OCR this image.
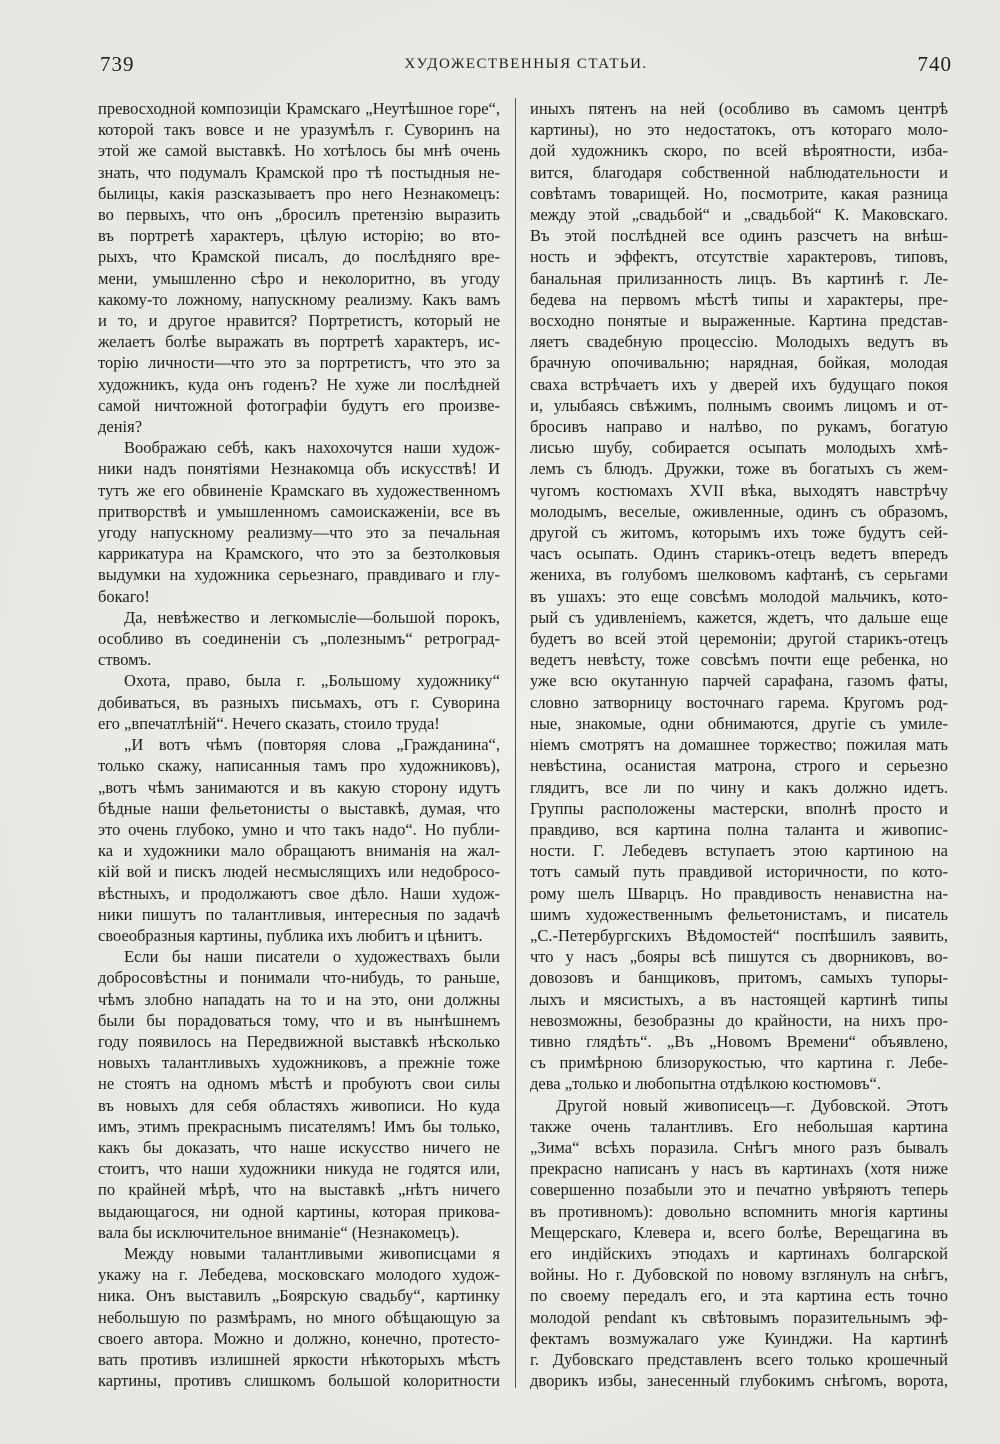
739	ХУДОЖЕСТВЕННЫЯ СТАТЬИ.	740
превосходной композиціи Крамскаго „Неутѣшное горе“,
которой такъ вовсе и не уразумѣлъ г. Суворинъ на
этой же самой выставкѣ. Но хотѣлось бы мнѣ очень
знать, что подумалъ Крамской про тѣ постыдныя не-
былицы, какія разсказываетъ про него Незнакомецъ:
во первыхъ, что онъ „бросилъ претензію выразить
въ портретѣ характеръ, цѣлую исторію; во вто-
рыхъ, что Крамской писалъ, до послѣдняго вре-
мени, умышленно сѣро и неколоритно, въ угоду
какому-то ложному, напускному реализму. Какъ вамъ
и то, и другое нравится? Портретистъ, который не
желаетъ болѣе выражать въ портретѣ характеръ, ис-
торію личности—что это за портретистъ, что это за
художникъ, куда онъ годенъ? Не хуже ли послѣдней
самой ничтожной фотографіи будутъ его произве-
денія?
Воображаю себѣ, какъ нахохочутся наши худож-
ники надъ понятіями Незнакомца объ искусствѣ! И
тутъ же его обвиненіе Крамскаго въ художественномъ
притворствѣ и умышленномъ самоискаженіи, все въ
угоду напускному реализму—что это за печальная
каррикатура на Крамского, что это за безтолковыя
выдумки на художника серьезнаго, правдиваго и глу-
бокаго!
Да, невѣжество и легкомысліе—большой порокъ,
особливо въ соединеніи съ „полезнымъ“ ретроград-
ствомъ.
Охота, право, была г. „Большому художнику“
добиваться, въ разныхъ письмахъ, отъ г. Суворина
его „впечатлѣній“. Нечего сказать, стоило труда!
„И вотъ чѣмъ (повторяя слова „Гражданина“,
только скажу, написанныя тамъ про художниковъ),
„вотъ чѣмъ занимаются и въ какую сторону идутъ
бѣдные наши фельетонисты о выставкѣ, думая, что
это очень глубоко, умно и что такъ надо“. Но публи-
ка и художники мало обращаютъ вниманія на жал-
кій вой и пискъ людей несмыслящихъ или недобросо-
вѣстныхъ, и продолжаютъ свое дѣло. Наши худож-
ники пишутъ по талантливыя, интересныя по задачѣ
своеобразныя картины, публика ихъ любитъ и цѣнитъ.
Если бы наши писатели о художествахъ были
добросовѣстны и понимали что-нибудь, то раньше,
чѣмъ злобно нападать на то и на это, они должны
были бы порадоваться тому, что и въ нынѣшнемъ
году появилось на Передвижной выставкѣ нѣсколько
новыхъ талантливыхъ художниковъ, а прежніе тоже
не стоятъ на одномъ мѣстѣ и пробуютъ свои силы
въ новыхъ для себя областяхъ живописи. Но куда
имъ, этимъ прекраснымъ писателямъ! Имъ бы только,
какъ бы доказать, что наше искусство ничего не
стоитъ, что наши художники никуда не годятся или,
по крайней мѣрѣ, что на выставкѣ „нѣтъ ничего
выдающагося, ни одной картины, которая прикова-
вала бы исключительное вниманіе“ (Незнакомецъ).
Между новыми талантливыми живописцами я
укажу на г. Лебедева, московскаго молодого худож-
ника. Онъ выставилъ „Боярскую свадьбу“, картинку
небольшую по размѣрамъ, но много обѣщающую за
своего автора. Можно и должно, конечно, протесто-
вать противъ излишней яркости нѣкоторыхъ мѣстъ
картины, противъ слишкомъ большой колоритности
иныхъ пятенъ на ней (особливо въ самомъ центрѣ
картины), но это недостатокъ, отъ котораго моло-
дой художникъ скоро, по всей вѣроятности, изба-
вится, благодаря собственной наблюдательности и
совѣтамъ товарищей. Но, посмотрите, какая разница
между этой „свадьбой“ и „свадьбой“ К. Маковскаго.
Въ этой послѣдней все одинъ разсчетъ на внѣш-
ность и эффектъ, отсутствіе характеровъ, типовъ,
банальная прилизанность лицъ. Въ картинѣ г. Ле-
бедева на первомъ мѣстѣ типы и характеры, пре-
восходно понятые и выраженные. Картина представ-
ляетъ свадебную процессію. Молодыхъ ведутъ въ
брачную опочивальню; нарядная, бойкая, молодая
сваха встрѣчаетъ ихъ у дверей ихъ будущаго покоя
и, улыбаясь свѣжимъ, полнымъ своимъ лицомъ и от-
бросивъ направо и налѣво, по рукамъ, богатую
лисью шубу, собирается осыпать молодыхъ хмѣ-
лемъ съ блюдъ. Дружки, тоже въ богатыхъ съ жем-
чугомъ костюмахъ XVII вѣка, выходятъ навстрѣчу
молодымъ, веселые, оживленные, одинъ съ образомъ,
другой съ житомъ, которымъ ихъ тоже будутъ сей-
часъ осыпать. Одинъ старикъ-отецъ ведетъ впередъ
жениха, въ голубомъ шелковомъ кафтанѣ, съ серьгами
въ ушахъ: это еще совсѣмъ молодой мальчикъ, кото-
рый съ удивленіемъ, кажется, ждетъ, что дальше еще
будетъ во всей этой церемоніи; другой старикъ-отецъ
ведетъ невѣсту, тоже совсѣмъ почти еще ребенка, но
уже всю окутанную парчей сарафана, газомъ фаты,
словно затворницу восточнаго гарема. Кругомъ род-
ные, знакомые, одни обнимаются, другіе съ умиле-
ніемъ смотрятъ на домашнее торжество; пожилая мать
невѣстина, осанистая матрона, строго и серьезно
глядитъ, все ли по чину и какъ должно идетъ.
Группы расположены мастерски, вполнѣ просто и
правдиво, вся картина полна таланта и живопис-
ности. Г. Лебедевъ вступаетъ этою картиною на
тотъ самый путь правдивой историчности, по кото-
рому шелъ Шварцъ. Но правдивость ненавистна на-
шимъ художественнымъ фельетонистамъ, и писатель
„С.-Петербургскихъ Вѣдомостей“ поспѣшилъ заявить,
что у насъ „бояры всѣ пишутся съ дворниковъ, во-
довозовъ и банщиковъ, притомъ, самыхъ тупоры-
лыхъ и мясистыхъ, а въ настоящей картинѣ типы
невозможны, безобразны до крайности, на нихъ про-
тивно глядѣть“. „Въ „Новомъ Времени“ объявлено,
съ примѣрною близорукостью, что картина г. Лебе-
дева „только и любопытна отдѣлкою костюмовъ“.
Другой новый живописецъ—г. Дубовской. Этотъ
также очень талантливъ. Его небольшая картина
„Зима“ всѣхъ поразила. Снѣгъ много разъ бывалъ
прекрасно написанъ у насъ въ картинахъ (хотя ниже
совершенно позабыли это и печатно увѣряютъ теперь
въ противномъ): довольно вспомнить многія картины
Мещерскаго, Клевера и, всего болѣе, Верещагина въ
его индійскихъ этюдахъ и картинахъ болгарской
войны. Но г. Дубовской по новому взглянулъ на снѣгъ,
по своему передалъ его, и эта картина есть точно
молодой pendant къ свѣтовымъ поразительнымъ эф-
фектамъ возмужалаго уже Куинджи. На картинѣ
г. Дубовскаго представленъ всего только крошечный
дворикъ избы, занесенный глубокимъ снѣгомъ, ворота,
